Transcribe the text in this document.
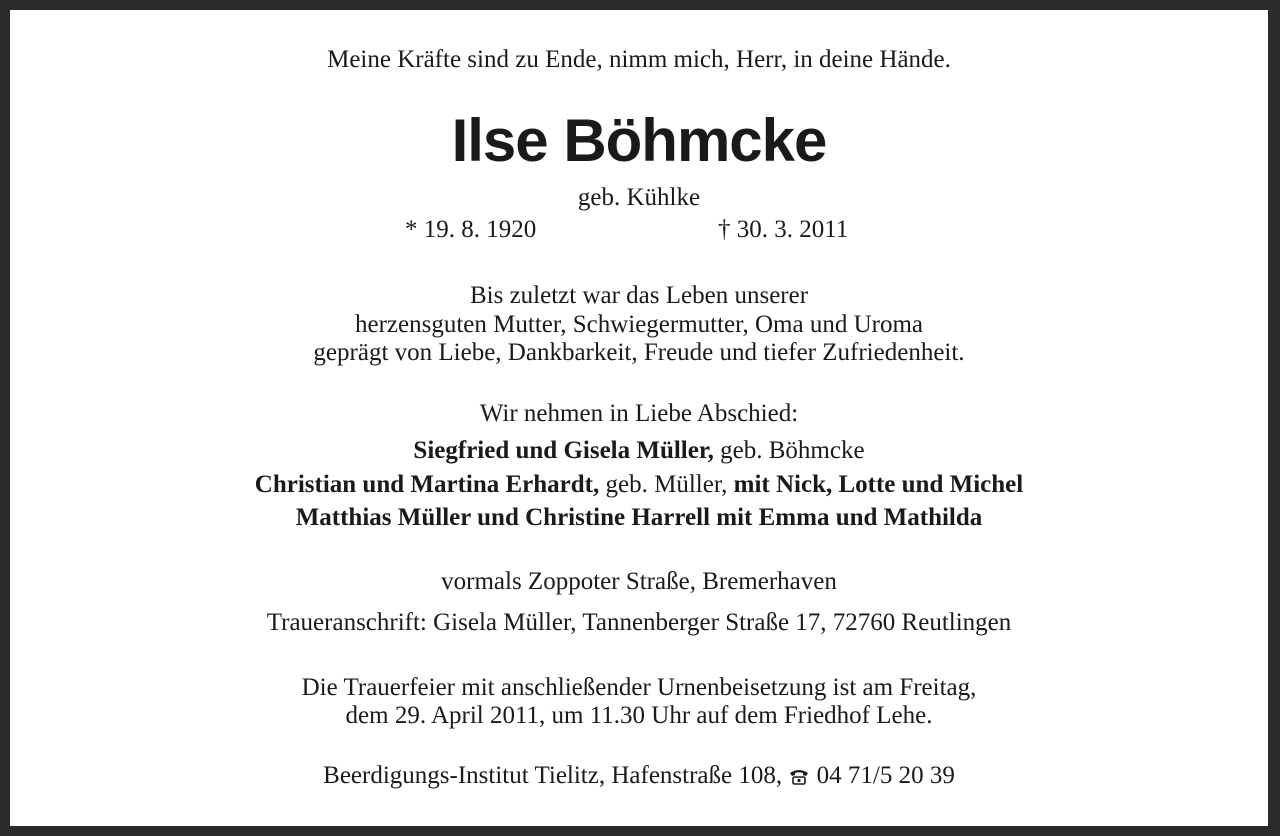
Meine Kräfte sind zu Ende, nimm mich, Herr, in deine Hände.
Ilse Böhmcke
geb. Kühlke
* 19. 8. 1920	† 30. 3. 2011
Bis zuletzt war das Leben unserer
herzensguten Mutter, Schwiegermutter, Oma und Uroma
geprägt von Liebe, Dankbarkeit, Freude und tiefer Zufriedenheit.
Wir nehmen in Liebe Abschied:
Siegfried und Gisela Müller, geb. Böhmcke
Christian und Martina Erhardt, geb. Müller, mit Nick, Lotte und Michel
Matthias Müller und Christine Harrell mit Emma und Mathilda
vormals Zoppoter Straße, Bremerhaven
Traueranschrift: Gisela Müller, Tannenberger Straße 17, 72760 Reutlingen
Die Trauerfeier mit anschließender Urnenbeisetzung ist am Freitag,
dem 29. April 2011, um 11.30 Uhr auf dem Friedhof Lehe.
Beerdigungs-Institut Tielitz, Hafenstraße 108, 04 71/5 20 39
